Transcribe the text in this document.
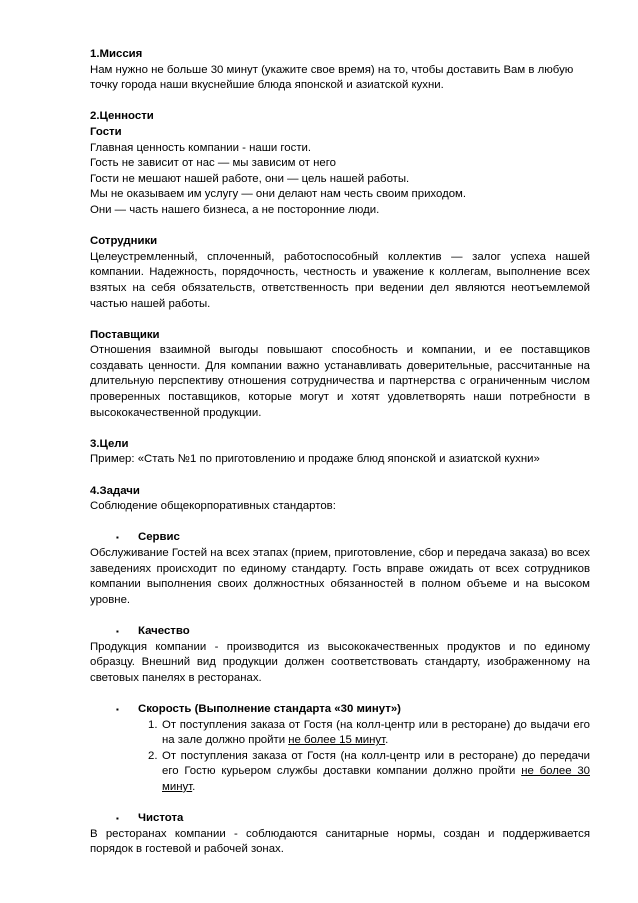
1.Миссия

Нам нужно не больше 30 минут (укажите свое время) на то, чтобы доставить Вам в любую точку города наши вкуснейшие блюда японской и азиатской кухни.

2.Ценности

Гости

Главная ценность компании - наши гости.
Гость не зависит от нас — мы зависим от него
Гости не мешают нашей работе, они — цель нашей работы.
Мы не оказываем им услугу — они делают нам честь своим приходом.
Они — часть нашего бизнеса, а не посторонние люди.

Сотрудники

Целеустремленный, сплоченный, работоспособный коллектив — залог успеха нашей компании. Надежность, порядочность, честность и уважение к коллегам, выполнение всех взятых на себя обязательств, ответственность при ведении дел являются неотъемлемой частью нашей работы.

Поставщики

Отношения взаимной выгоды повышают способность и компании, и ее поставщиков создавать ценности. Для компании важно устанавливать доверительные, рассчитанные на длительную перспективу отношения сотрудничества и партнерства с ограниченным числом проверенных поставщиков, которые могут и хотят удовлетворять наши потребности в высококачественной продукции.

3.Цели

Пример: «Стать №1 по приготовлению и продаже блюд японской и азиатской кухни»

4.Задачи

Соблюдение общекорпоративных стандартов:

▪ Сервис

Обслуживание Гостей на всех этапах (прием, приготовление, сбор и передача заказа) во всех заведениях происходит по единому стандарту. Гость вправе ожидать от всех сотрудников компании выполнения своих должностных обязанностей в полном объеме и на высоком уровне.

▪ Качество

Продукция компании - производится из высококачественных продуктов и по единому образцу. Внешний вид продукции должен соответствовать стандарту, изображенному на световых панелях в ресторанах.

▪ Скорость (Выполнение стандарта «30 минут»)

1. От поступления заказа от Гостя (на колл-центр или в ресторане) до выдачи его на зале должно пройти не более 15 минут.
2. От поступления заказа от Гостя (на колл-центр или в ресторане) до передачи его Гостю курьером службы доставки компании должно пройти не более 30 минут.

▪ Чистота

В ресторанах компании - соблюдаются санитарные нормы, создан и поддерживается порядок в гостевой и рабочей зонах.
